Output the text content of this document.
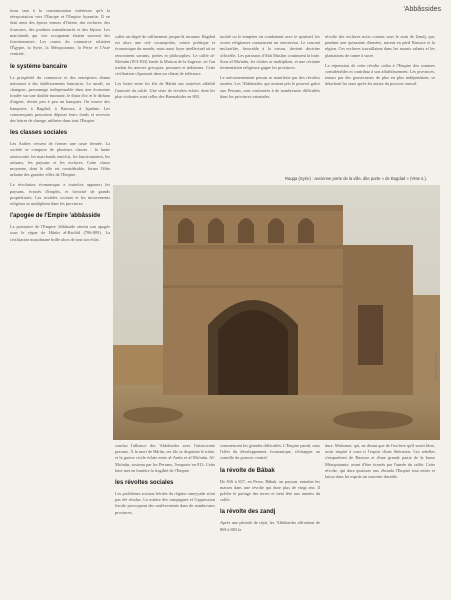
'Abbâssides

tions tant à la consommation intérieure qu'à la réexportation vers l'Europe et l'Empire byzantin. Il en était ainsi des épices venues d'Orient, des esclaves, des fourrures, des produits manufacturés et des bijoux. Les marchands qui s'en occupaient étaient souvent des fonctionnaires. Les routes du commerce reliaient l'Égypte, la Syrie, la Mésopotamie, la Perse et l'Asie centrale.

le système bancaire

La prospérité du commerce et des entreprises donna naissance à des établissements bancaires. Le sarrâf, ou changeur, personnage indispensable dans une économie fondée sur une double monnaie, le dinar d'or et le dirham d'argent, devint peu à peu un banquier. On trouve des banquiers à Bagdad, à Bassora, à Ispahan. Les commerçants pouvaient déposer leurs fonds et recevoir des lettres de change, utilisées dans tout l'Empire.

les classes sociales

Les Arabes cessent de former une caste fermée. La société se compose de plusieurs classes : la haute aristocratie, les marchands enrichis, les fonctionnaires, les artisans, les paysans et les esclaves. Cette classe moyenne, dont le rôle est considérable, forme l'élite urbaine des grandes villes de l'Empire.

La révolution économique a toutefois appauvri les paysans, écrasés d'impôts, et favorisé de grands propriétaires. Les troubles sociaux et les mouvements religieux se multiplient dans les provinces.

l'apogée de l'Empire 'abbâsside

La puissance de l'Empire 'abbâsside atteint son apogée sous le règne de Hârûn al-Rachîd (786-809). La civilisation musulmane brille alors de tout son éclat.

calife un degré de raffinement jusque-là inconnu. Bagdad est alors une cité cosmopolite, centre politique et économique du monde, mais aussi foyer intellectuel où se rencontrent savants, poètes et philosophes. Le calife al-Ma'mûn (813-833) fonde la Maison de la Sagesse, où l'on traduit les œuvres grecques, persanes et indiennes. Cette civilisation s'épanouit dans un climat de tolérance.

Les luttes entre les fils de Hârûn ont toutefois affaibli l'autorité du calife. Une série de révoltes éclate, dont les plus violentes sont celles des Barmakides en 803.

moitié ou le tempérer en combattant avec le spirituel, les sectes religieuses connaissent un renouveau. Le courant mu'tazilite, favorable à la raison, devient doctrine officielle. Les partisans d'Abû Muslim continuent la lutte. Sous al-Ma'mûn, les chiites se multiplient, et une certaine fermentation religieuse gagne les provinces.

Le mécontentement persan se manifeste par des révoltes armées. Les 'Abbâssides, qui avaient pris le pouvoir grâce aux Persans, sont confrontés à de nombreuses difficultés dans les provinces orientales.

révolte des esclaves noirs connus sous le nom de Zandj, qui, pendant une quinzaine d'années, mirent en péril Bassora et la région. Ces esclaves travaillaient dans les marais salants et les plantations de canne à sucre.

La répression de cette révolte coûta à l'Empire des sommes considérables et contribua à son affaiblissement. Les provinces, tenues par des gouverneurs de plus en plus indépendants, se détachent les unes après les autres du pouvoir central.

Raqqa (Syrie) : ancienne porte de la ville, dite porte « de Bagdad » (VIIIe s.).
Photo R. Roger-Viollet

conclut l'alliance des 'Abbâssides avec l'aristocratie persane. À la mort de Hârûn, ses fils se disputent le trône, et la guerre civile éclate entre al-Amîn et al-Ma'mûn. Al-Ma'mûn, soutenu par les Persans, l'emporte en 813. Cette lutte met en lumière la fragilité de l'Empire.

les révoltes sociales

Les problèmes sociaux hérités du régime omeyyade n'ont pas été résolus. La misère des campagnes et l'oppression fiscale provoquent des soulèvements dans de nombreuses provinces.

commencent les grandes difficultés. L'Empire paraît, sous l'effet du développement économique, s'échapper au contrôle du pouvoir central.

la révolte de Bâbak

De 816 à 837, en Perse, Bâbak, un paysan, entraîne les masses dans une révolte qui dure plus de vingt ans. Il prêche le partage des terres et tient tête aux armées du calife.

la révolte des zandj

Après une période de répit, les 'Abbâssides affrontent de 869 à 883 la

dure. Mahomet, qui, ne disant que de l'esclave qu'il serait libre, avait inspiré à ceux-ci l'espoir d'une libération. Les rebelles s'emparèrent de Bassora et d'une grande partie de la basse Mésopotamie, avant d'être écrasés par l'armée du calife. Cette révolte, qui dura quatorze ans, ébranla l'Empire tout entier et laissa dans les esprits un souvenir durable.
